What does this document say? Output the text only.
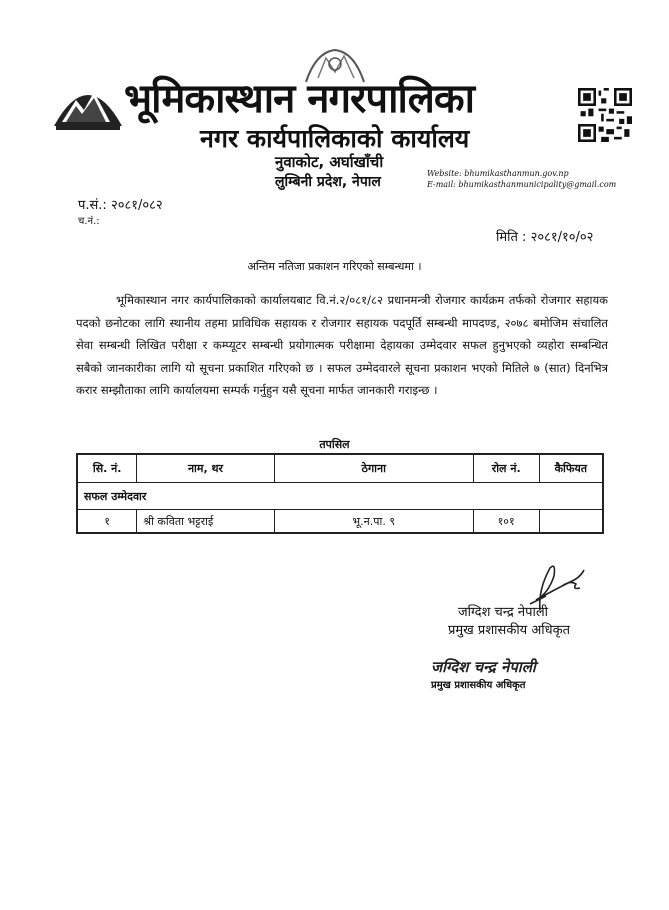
भूमिकास्थान नगरपालिका
नगर कार्यपालिकाको कार्यालय
नुवाकोट, अर्घाखाँची
लुम्बिनी प्रदेश, नेपाल
Website: bhumikasthanmun.gov.np
E-mail: bhumikasthanmunicipality@gmail.com
प.सं.: २०८१/०८२
च.नं.:
मिति : २०८१/१०/०२
अन्तिम नतिजा प्रकाशन गरिएको सम्बन्धमा ।
भूमिकास्थान नगर कार्यपालिकाको कार्यालयबाट वि.नं.२/०८१/८२ प्रधानमन्त्री रोजगार कार्यक्रम तर्फको रोजगार सहायक पदको छनोटका लागि स्थानीय तहमा प्राविधिक सहायक र रोजगार सहायक पदपूर्ति सम्बन्धी मापदण्ड, २०७८ बमोजिम संचालित सेवा सम्बन्धी लिखित परीक्षा र कम्प्यूटर सम्बन्धी प्रयोगात्मक परीक्षामा देहायका उम्मेदवार सफल हुनुभएको व्यहोरा सम्बन्धित सबैको जानकारीका लागि यो सूचना प्रकाशित गरिएको छ । सफल उम्मेदवारले सूचना प्रकाशन भएको मितिले ७ (सात) दिनभित्र करार सम्झौताका लागि कार्यालयमा सम्पर्क गर्नुहुन यसै सूचना मार्फत जानकारी गराइन्छ ।
तपसिल
सि. नं.	नाम, थर	ठेगाना	रोल नं.	कैफियत
सफल उम्मेदवार				
१	श्री कविता भट्टराई	भू.न.पा. ९	१०१	
जग्दिश चन्द्र नेपाली
प्रमुख प्रशासकीय अधिकृत
जग्दिश चन्द्र नेपाली
प्रमुख प्रशासकीय अधिकृत
